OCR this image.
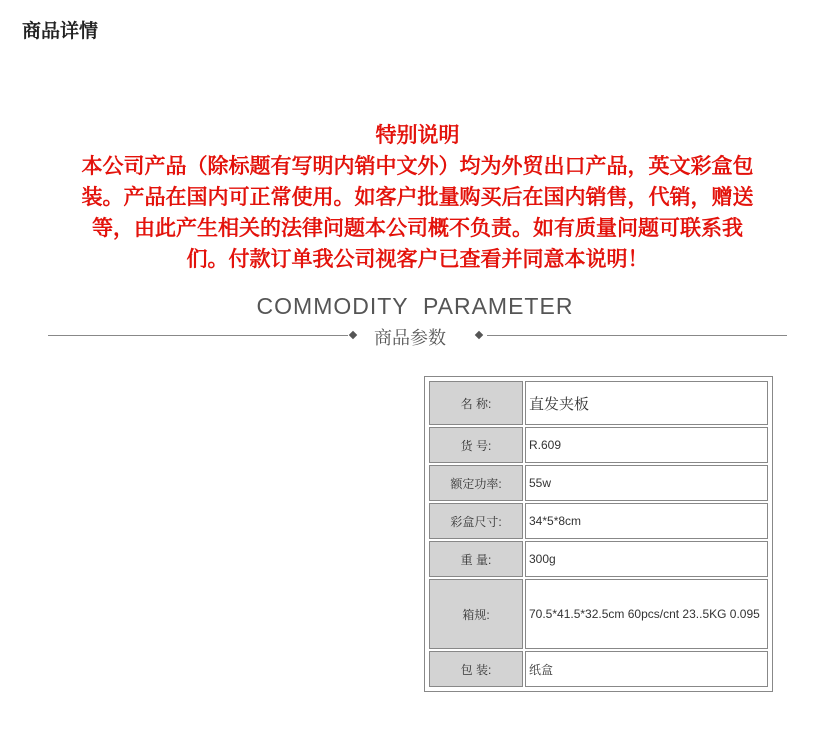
商品详情

特别说明

本公司产品（除标题有写明内销中文外）均为外贸出口产品，英文彩盒包

装。产品在国内可正常使用。如客户批量购买后在国内销售，代销，赠送

等，由此产生相关的法律问题本公司概不负责。如有质量问题可联系我

们。付款订单我公司视客户已查看并同意本说明！

COMMODITY  PARAMETER
商品参数
名 称:	直发夹板
货 号:	R.609
额定功率:	55w
彩盒尺寸:	34*5*8cm
重 量:	300g
箱规:	70.5*41.5*32.5cm 60pcs/cnt 23..5KG 0.095
包 装:	纸盒
